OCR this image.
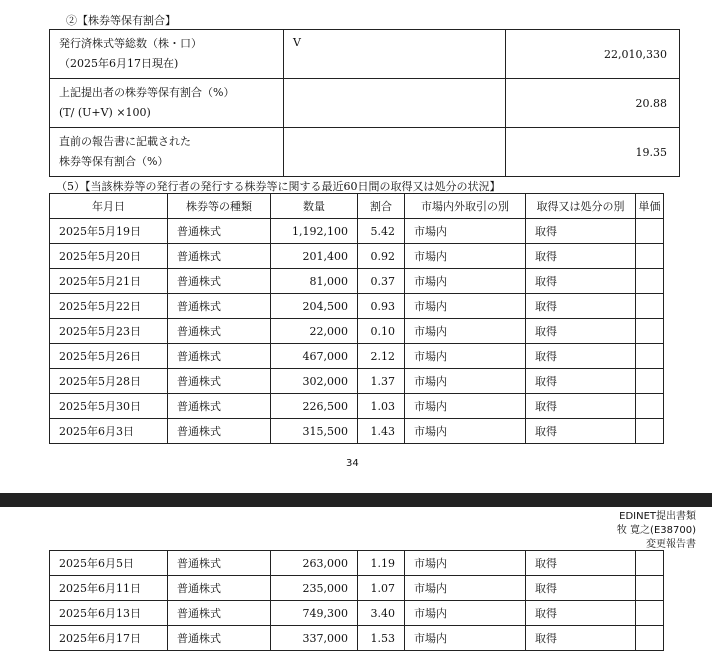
②【株券等保有割合】
発行済株式等総数（株・口）
（2025年6月17日現在)	V	22,010,330

上記提出者の株券等保有割合（%）
(T/ (U+V) ×100)		20.88

直前の報告書に記載された
株券等保有割合（%）		19.35
（5）【当該株券等の発行者の発行する株券等に関する最近60日間の取得又は処分の状況】
年月日	株券等の種類	数量	割合	市場内外取引の別	取得又は処分の別	単価
2025年5月19日	普通株式	1,192,100	5.42	市場内	取得	
2025年5月20日	普通株式	201,400	0.92	市場内	取得	
2025年5月21日	普通株式	81,000	0.37	市場内	取得	
2025年5月22日	普通株式	204,500	0.93	市場内	取得	
2025年5月23日	普通株式	22,000	0.10	市場内	取得	
2025年5月26日	普通株式	467,000	2.12	市場内	取得	
2025年5月28日	普通株式	302,000	1.37	市場内	取得	
2025年5月30日	普通株式	226,500	1.03	市場内	取得	
2025年6月3日	普通株式	315,500	1.43	市場内	取得	
34
EDINET提出書類
牧 寛之(E38700)
変更報告書
2025年6月5日	普通株式	263,000	1.19	市場内	取得	
2025年6月11日	普通株式	235,000	1.07	市場内	取得	
2025年6月13日	普通株式	749,300	3.40	市場内	取得	
2025年6月17日	普通株式	337,000	1.53	市場内	取得	
